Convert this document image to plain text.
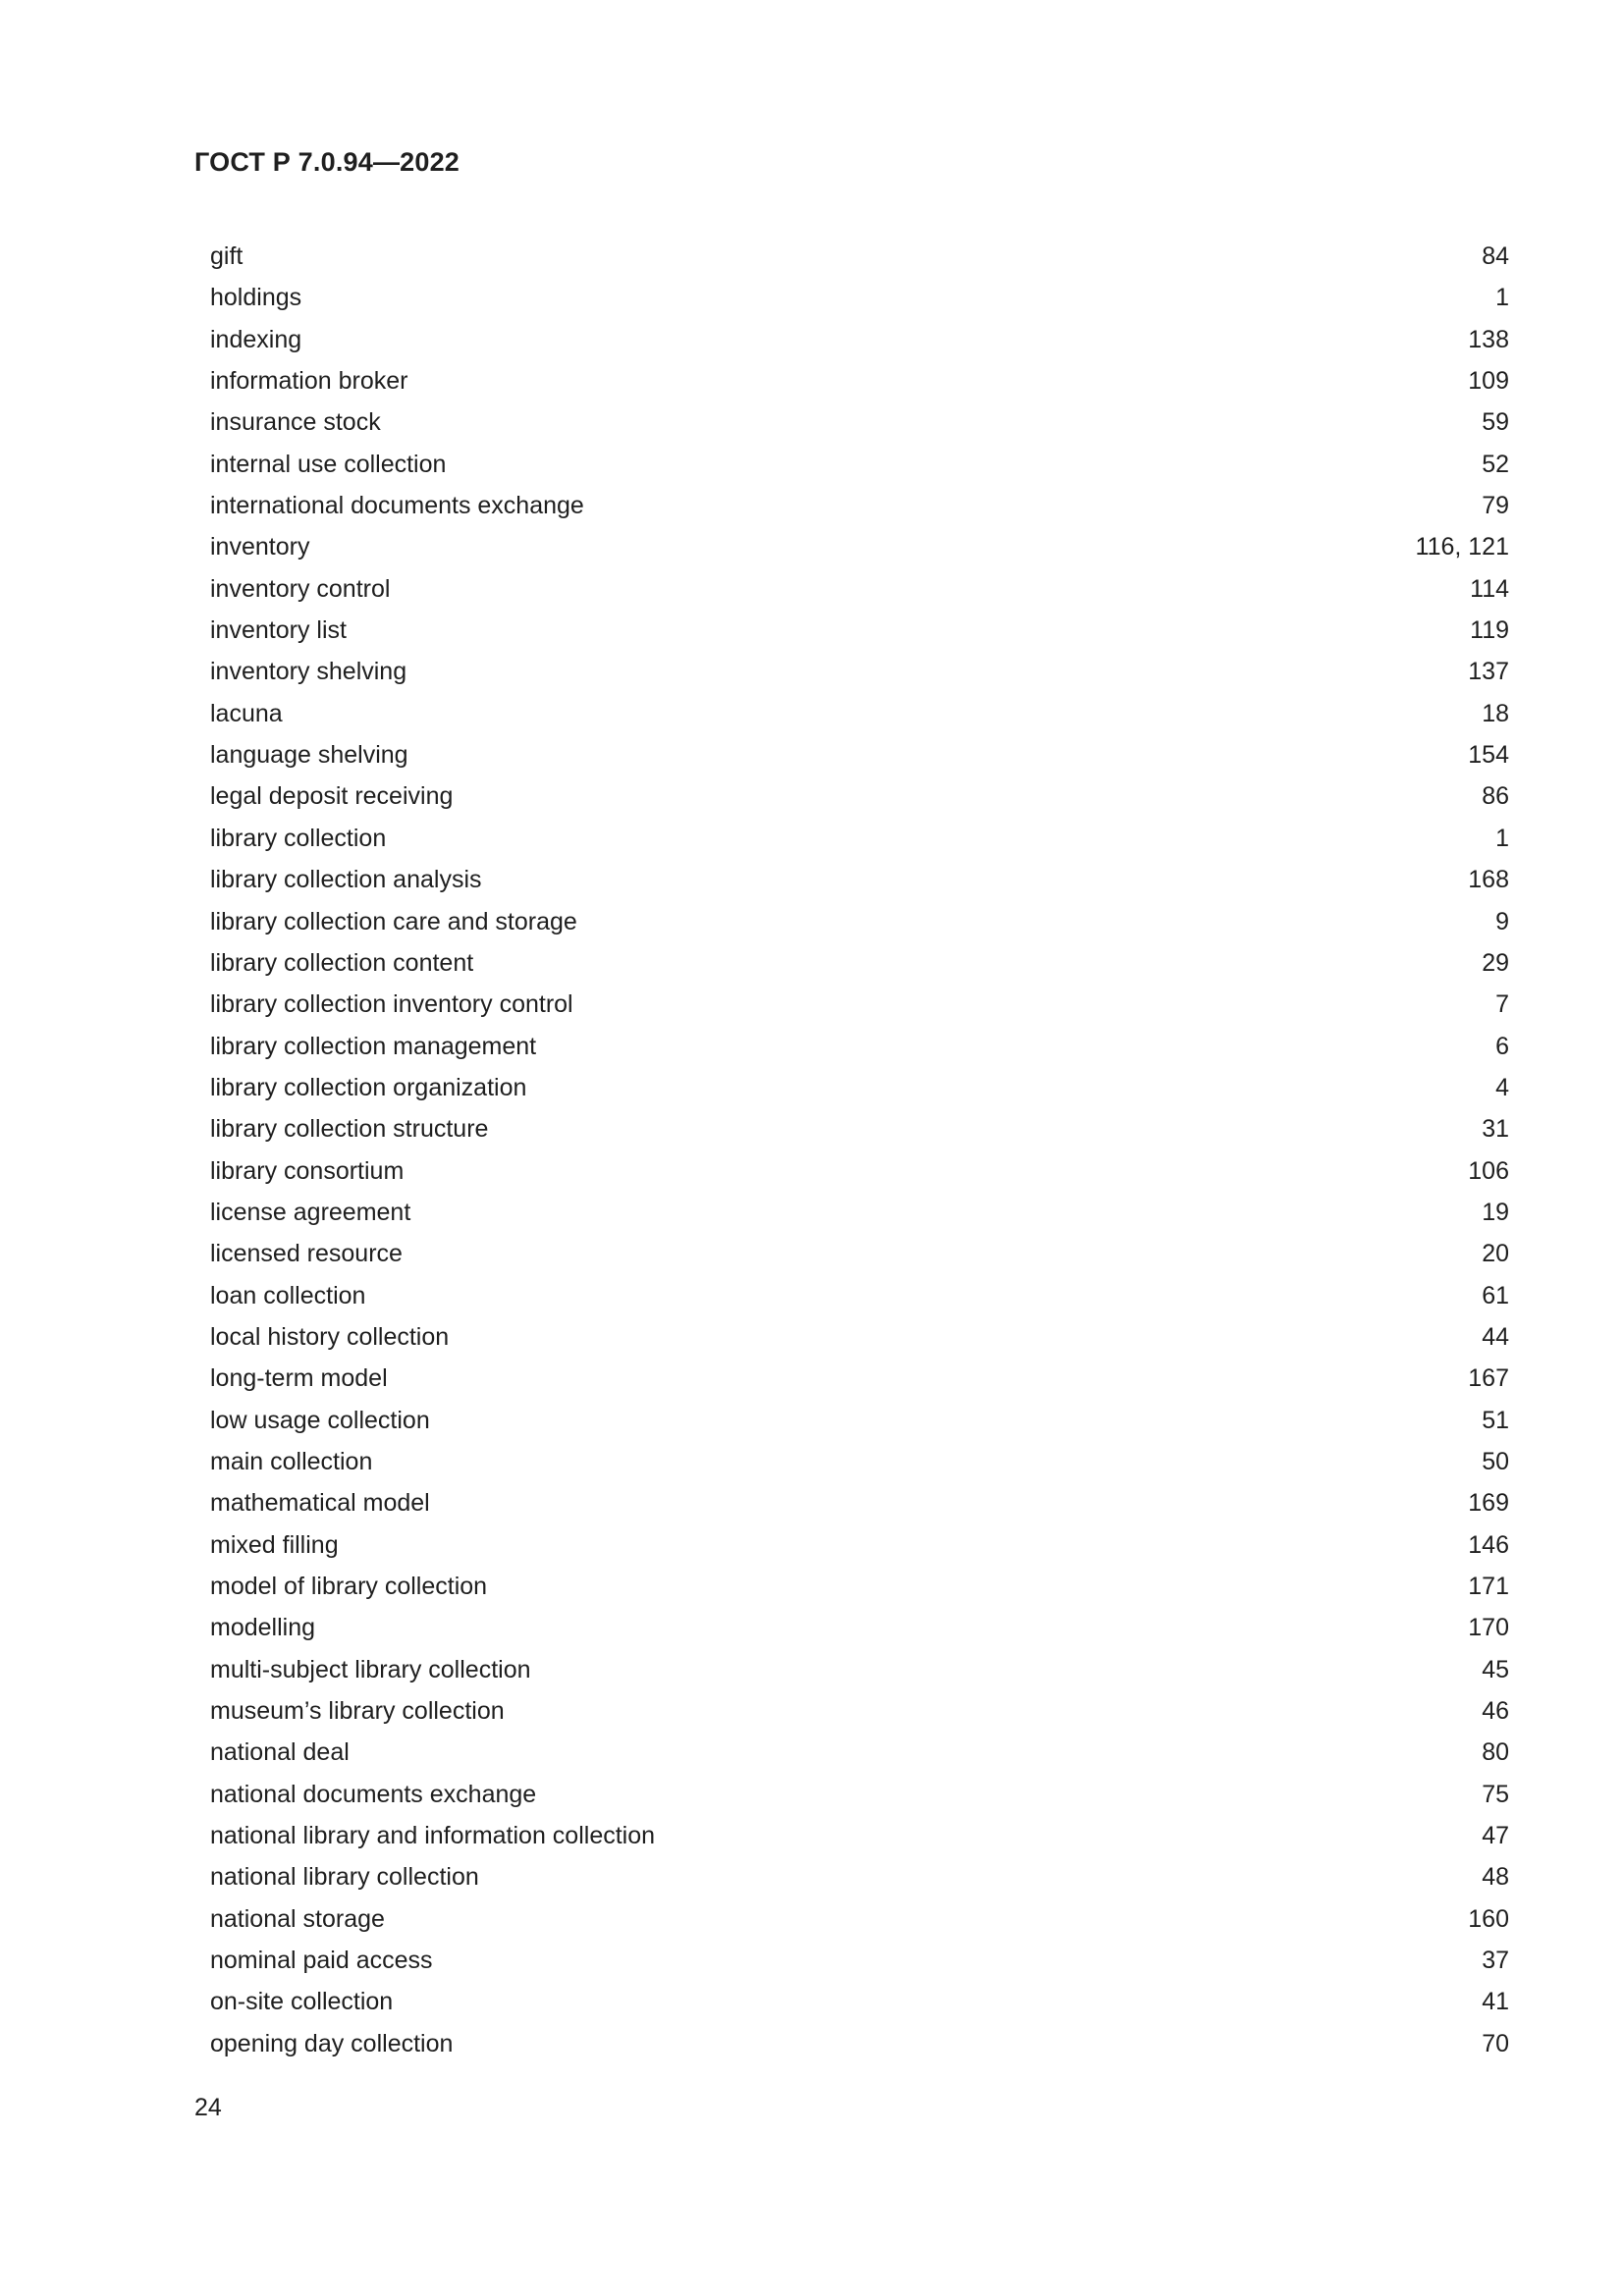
ГОСТ Р 7.0.94—2022
gift	84
holdings	1
indexing	138
information broker	109
insurance stock	59
internal use collection	52
international documents exchange	79
inventory	116, 121
inventory control	114
inventory list	119
inventory shelving	137
lacuna	18
language shelving	154
legal deposit receiving	86
library collection	1
library collection analysis	168
library collection care and storage	9
library collection content	29
library collection inventory control	7
library collection management	6
library collection organization	4
library collection structure	31
library consortium	106
license agreement	19
licensed resource	20
loan collection	61
local history collection	44
long-term model	167
low usage collection	51
main collection	50
mathematical model	169
mixed filling	146
model of library collection	171
modelling	170
multi-subject library collection	45
museum’s library collection	46
national deal	80
national documents exchange	75
national library and information collection	47
national library collection	48
national storage	160
nominal paid access	37
on-site collection	41
opening day collection	70
24
